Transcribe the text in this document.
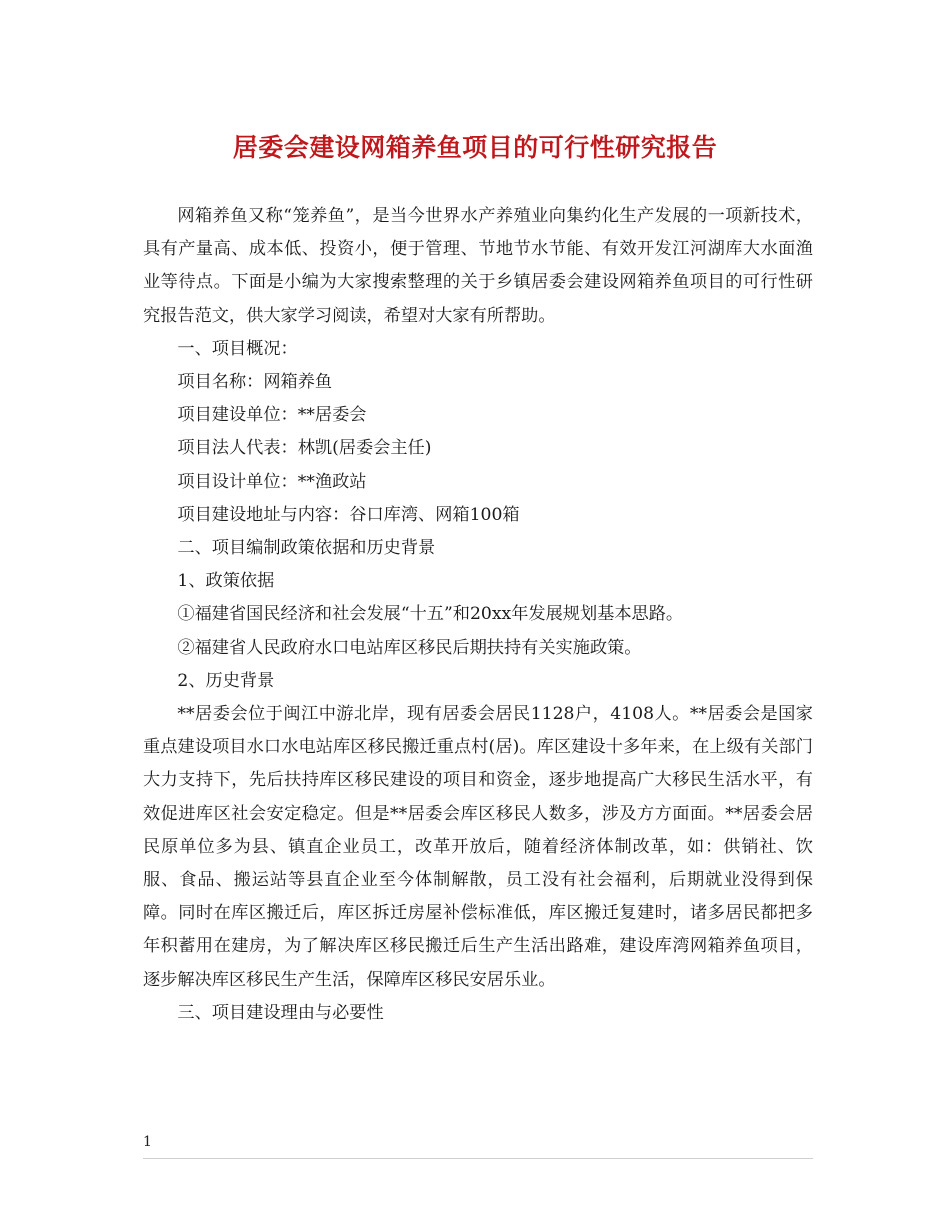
居委会建设网箱养鱼项目的可行性研究报告

网箱养鱼又称“笼养鱼”，是当今世界水产养殖业向集约化生产发展的一项新技术，具有产量高、成本低、投资小，便于管理、节地节水节能、有效开发江河湖库大水面渔业等待点。下面是小编为大家搜索整理的关于乡镇居委会建设网箱养鱼项目的可行性研究报告范文，供大家学习阅读，希望对大家有所帮助。

一、项目概况：

项目名称：网箱养鱼

项目建设单位：**居委会

项目法人代表：林凯(居委会主任)

项目设计单位：**渔政站

项目建设地址与内容：谷口库湾、网箱100箱

二、项目编制政策依据和历史背景

1、政策依据

①福建省国民经济和社会发展“十五”和20xx年发展规划基本思路。

②福建省人民政府水口电站库区移民后期扶持有关实施政策。

2、历史背景

**居委会位于闽江中游北岸，现有居委会居民1128户，4108人。**居委会是国家重点建设项目水口水电站库区移民搬迁重点村(居)。库区建设十多年来，在上级有关部门大力支持下，先后扶持库区移民建设的项目和资金，逐步地提高广大移民生活水平，有效促进库区社会安定稳定。但是**居委会库区移民人数多，涉及方方面面。**居委会居民原单位多为县、镇直企业员工，改革开放后，随着经济体制改革，如：供销社、饮服、食品、搬运站等县直企业至今体制解散，员工没有社会福利，后期就业没得到保障。同时在库区搬迁后，库区拆迁房屋补偿标准低，库区搬迁复建时，诸多居民都把多年积蓄用在建房，为了解决库区移民搬迁后生产生活出路难，建设库湾网箱养鱼项目，逐步解决库区移民生产生活，保障库区移民安居乐业。

三、项目建设理由与必要性

1
